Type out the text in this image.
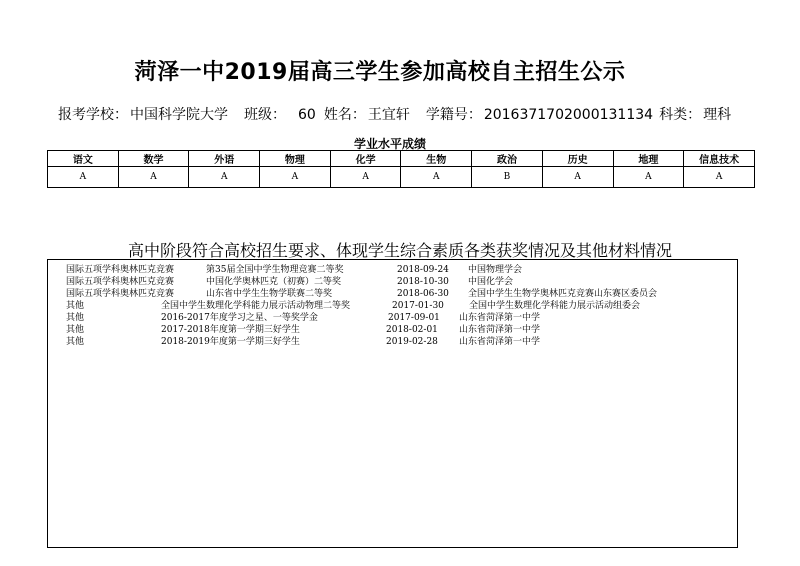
菏泽一中2019届高三学生参加高校自主招生公示
报考学校： 中国科学院大学 班级： 60 姓名： 王宜轩 学籍号： 2016371702000131134 科类： 理科
学业水平成绩
语文	数学	外语	物理	化学	生物	政治	历史	地理	信息技术
A	A	A	A	A	A	B	A	A	A
高中阶段符合高校招生要求、体现学生综合素质各类获奖情况及其他材料情况
国际五项学科奥林匹克竞赛	第35届全国中学生物理竞赛二等奖	2018-09-24 中国物理学会
国际五项学科奥林匹克竞赛	中国化学奥林匹克（初赛）二等奖	2018-10-30 中国化学会
国际五项学科奥林匹克竞赛	山东省中学生生物学联赛二等奖	2018-06-30 全国中学生生物学奥林匹克竞赛山东赛区委员会
其他	全国中学生数理化学科能力展示活动物理二等奖	2017-01-30	全国中学生数理化学科能力展示活动组委会
其他	2016-2017年度学习之星、一等奖学金	2017-09-01 山东省菏泽第一中学
其他	2017-2018年度第一学期三好学生	2018-02-01 山东省菏泽第一中学
其他	2018-2019年度第一学期三好学生	2019-02-28 山东省菏泽第一中学
